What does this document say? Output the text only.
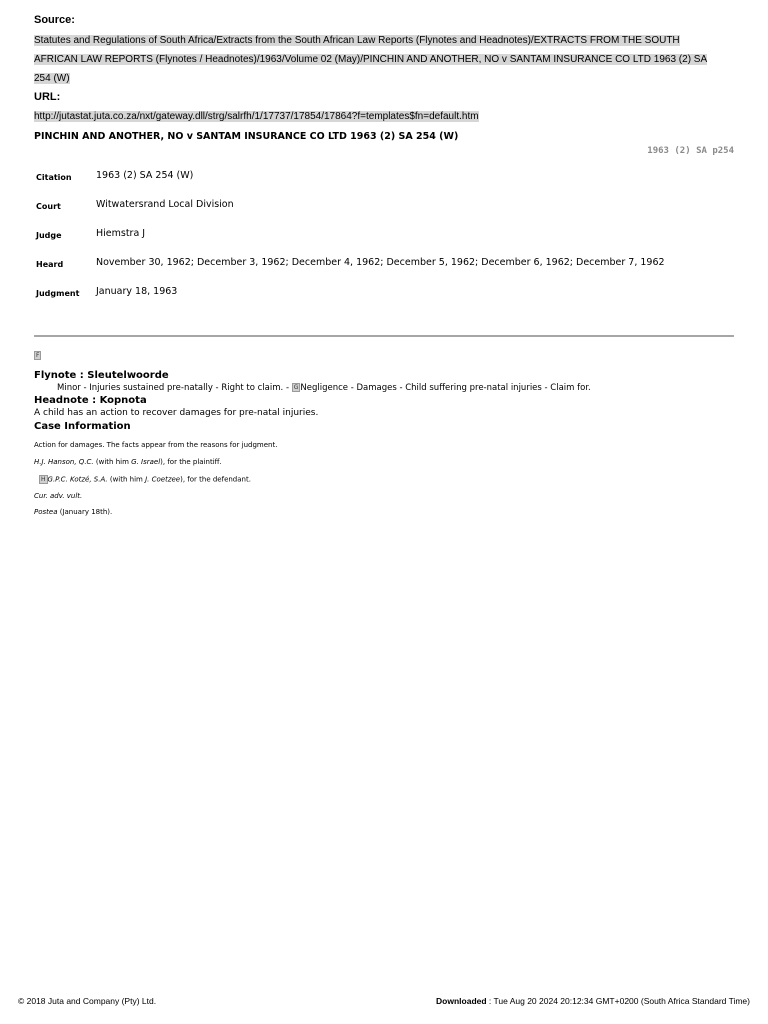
Source:
Statutes and Regulations of South Africa/Extracts from the South African Law Reports (Flynotes and Headnotes)/EXTRACTS FROM THE SOUTH AFRICAN LAW REPORTS (Flynotes / Headnotes)/1963/Volume 02 (May)/PINCHIN AND ANOTHER, NO v SANTAM INSURANCE CO LTD 1963 (2) SA 254 (W)
URL:
http://jutastat.juta.co.za/nxt/gateway.dll/strg/salrfh/1/17737/17854/17864?f=templates$fn=default.htm
PINCHIN AND ANOTHER, NO v SANTAM INSURANCE CO LTD 1963 (2) SA 254 (W)
1963 (2) SA p254
Citation	1963 (2) SA 254 (W)
Court	Witwatersrand Local Division
Judge	Hiemstra J
Heard	November 30, 1962; December 3, 1962; December 4, 1962; December 5, 1962; December 6, 1962; December 7, 1962
Judgment	January 18, 1963
F
Flynote : Sleutelwoorde
Minor - Injuries sustained pre-natally - Right to claim. - G Negligence - Damages - Child suffering pre-natal injuries - Claim for.
Headnote : Kopnota
A child has an action to recover damages for pre-natal injuries.
Case Information
Action for damages. The facts appear from the reasons for judgment.
H.J. Hanson, Q.C. (with him G. Israel), for the plaintiff.
H G.P.C. Kotzé, S.A. (with him J. Coetzee), for the defendant.
Cur. adv. vult.
Postea (January 18th).
© 2018 Juta and Company (Pty) Ltd.	Downloaded : Tue Aug 20 2024 20:12:34 GMT+0200 (South Africa Standard Time)
